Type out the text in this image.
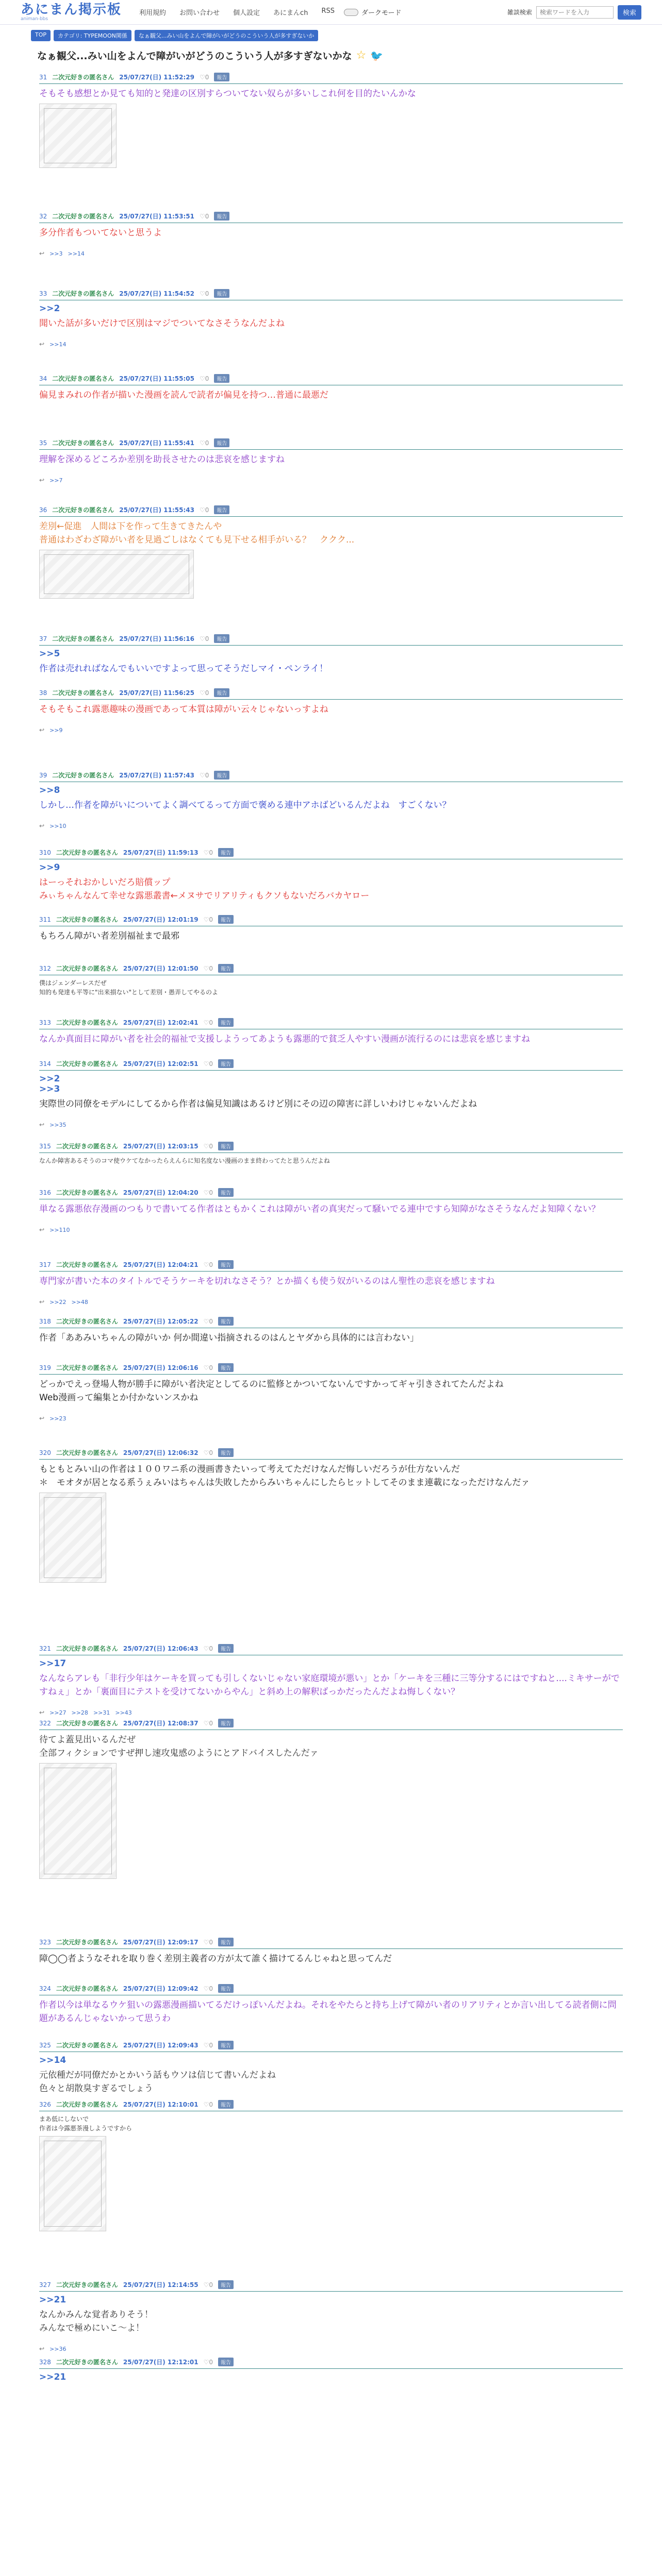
あにまん掲示板
animan-bbs
利用規約 お問い合わせ 個人設定 あにまんch RSS	ダークモード	雑談検索
検索ワードを入力	検索
TOP	カテゴリ: TYPEMOON関係	なぁ観父...みい山をよんで障がいがどうのこういう人が多すぎないか
なぁ観父...みい山をよんで障がいがどうのこういう人が多すぎないかな ☆ 🐦
31 二次元好きの匿名さん 25/07/27(日) 11:52:29 ♡0	報告
そもそも感想とか見ても知的と発達の区別すらついてない奴らが多いしこれ何を目的たいんかな
32 二次元好きの匿名さん 25/07/27(日) 11:53:51 ♡0	報告
多分作者もついてないと思うよ
↩ >>3 >>14
33 二次元好きの匿名さん 25/07/27(日) 11:54:52 ♡0	報告
>>2
聞いた話が多いだけで区別はマジでついてなさそうなんだよね
↩ >>14
34 二次元好きの匿名さん 25/07/27(日) 11:55:05 ♡0	報告
偏見まみれの作者が描いた漫画を読んで読者が偏見を持つ…普通に最悪だ
35 二次元好きの匿名さん 25/07/27(日) 11:55:41 ♡0	報告
理解を深めるどころか差別を助長させたのは悲哀を感じますね
↩ >>7
36 二次元好きの匿名さん 25/07/27(日) 11:55:43 ♡0	報告
差別←促進　人間は下を作って生きてきたんや
普通はわざわざ障がい者を見過ごしはなくても見下せる相手がいる？　ククク...
37 二次元好きの匿名さん 25/07/27(日) 11:56:16 ♡0	報告
>>5
作者は売れればなんでもいいですよって思ってそうだしマイ・ペンライ！
38 二次元好きの匿名さん 25/07/27(日) 11:56:25 ♡0	報告
そもそもこれ露悪趣味の漫画であって本質は障がい云々じゃないっすよね
↩ >>9
39 二次元好きの匿名さん 25/07/27(日) 11:57:43 ♡0	報告
>>8
しかし…作者を障がいについてよく調べてるって方面で褒める連中アホばどいるんだよね　すごくない？
↩ >>10
310 二次元好きの匿名さん 25/07/27(日) 11:59:13 ♡0	報告
>>9
はーっそれおかしいだろ賠償ップ
みぃちゃんなんて幸せな露悪叢書←メヌサでリアリティもクソもないだろバカヤロー
311 二次元好きの匿名さん 25/07/27(日) 12:01:19 ♡0	報告
もちろん障がい者差別福祉まで最邪
312 二次元好きの匿名さん 25/07/27(日) 12:01:50 ♡0	報告
僕はジェンダーレスだぜ
知的も発達も平等に"出来損ない"として差別・愚弄してやるのよ
313 二次元好きの匿名さん 25/07/27(日) 12:02:41 ♡0	報告
なんか真面目に障がい者を社会的福祉で支援しようってあようも露悪的で貧乏人やすい漫画が流行るのには悲哀を感じますね
314 二次元好きの匿名さん 25/07/27(日) 12:02:51 ♡0	報告
>>2
>>3
実際世の同僚をモデルにしてるから作者は偏見知識はあるけど別にその辺の障害に詳しいわけじゃないんだよね
↩ >>35
315 二次元好きの匿名さん 25/07/27(日) 12:03:15 ♡0	報告
なんか障害あるそうのコマ使ウケてなかったらえんらに知名度ない漫画のまま終わってたと思うんだよね
316 二次元好きの匿名さん 25/07/27(日) 12:04:20 ♡0	報告
単なる露悪依存漫画のつもりで書いてる作者はともかくこれは障がい者の真実だって騒いでる連中ですら知障がなさそうなんだよ知障くない？
↩ >>110
317 二次元好きの匿名さん 25/07/27(日) 12:04:21 ♡0	報告
専門家が書いた本のタイトルでそうケーキを切れなさそう？とか描くも使う奴がいるのはん聖性の悲哀を感じますね
↩ >>22 >>48
318 二次元好きの匿名さん 25/07/27(日) 12:05:22 ♡0	報告
作者「ああみいちゃんの障がいか 何か間違い指摘されるのはんとヤダから具体的には言わない」
319 二次元好きの匿名さん 25/07/27(日) 12:06:16 ♡0	報告
どっかでえっ登場人物が勝手に障がい者決定としてるのに監修とかついてないんですかってギャ引きされてたんだよね
Web漫画って編集とか付かないンスかね
↩ >>23
320 二次元好きの匿名さん 25/07/27(日) 12:06:32 ♡0	報告
もともとみい山の作者は１００ワニ系の漫画書きたいって考えてただけなんだ悔しいだろうが仕方ないんだ
＊　モオタが居となる系うぇみいはちゃんは失敗したからみいちゃんにしたらヒットしてそのまま連載になっただけなんだァ
321 二次元好きの匿名さん 25/07/27(日) 12:06:43 ♡0	報告
>>17
なんならアレも「非行少年はケーキを買っても引しくないじゃない家庭環境が悪い」とか「ケーキを三種に三等分するにはですねと....ミキサーがですねぇ」とか「裏面目にテストを受けてないからやん」と斜め上の解釈ばっかだったんだよね悔しくない？
↩ >>27 >>28 >>31 >>43
322 二次元好きの匿名さん 25/07/27(日) 12:08:37 ♡0	報告
待てよ蓋見出いるんだぜ
全部フィクションですぜ押し速攻鬼感のようにとアドバイスしたんだァ
323 二次元好きの匿名さん 25/07/27(日) 12:09:17 ♡0	報告
障◯◯者ようなそれを取り巻く差別主義者の方が太て誰く描けてるんじゃねと思ってんだ
324 二次元好きの匿名さん 25/07/27(日) 12:09:42 ♡0	報告
作者以今は単なるウケ狙いの露悪漫画描いてるだけっぽいんだよね。それをやたらと持ち上げて障がい者のリアリティとか言い出してる読者側に問題があるんじゃないかって思うわ
325 二次元好きの匿名さん 25/07/27(日) 12:09:43 ♡0	報告
>>14
元依種だが同僚だかとかいう話もウソは信じて書いんだよね
色々と胡散臭すぎるでしょう
326 二次元好きの匿名さん 25/07/27(日) 12:10:01 ♡0	報告
まあ低にしないで
作者は今露悪茶漫しようですから
327 二次元好きの匿名さん 25/07/27(日) 12:14:55 ♡0	報告
>>21
なんかみんな覚者ありそう！
みんなで極めにいこ〜よ！
↩ >>36
328 二次元好きの匿名さん 25/07/27(日) 12:12:01 ♡0	報告
>>21
